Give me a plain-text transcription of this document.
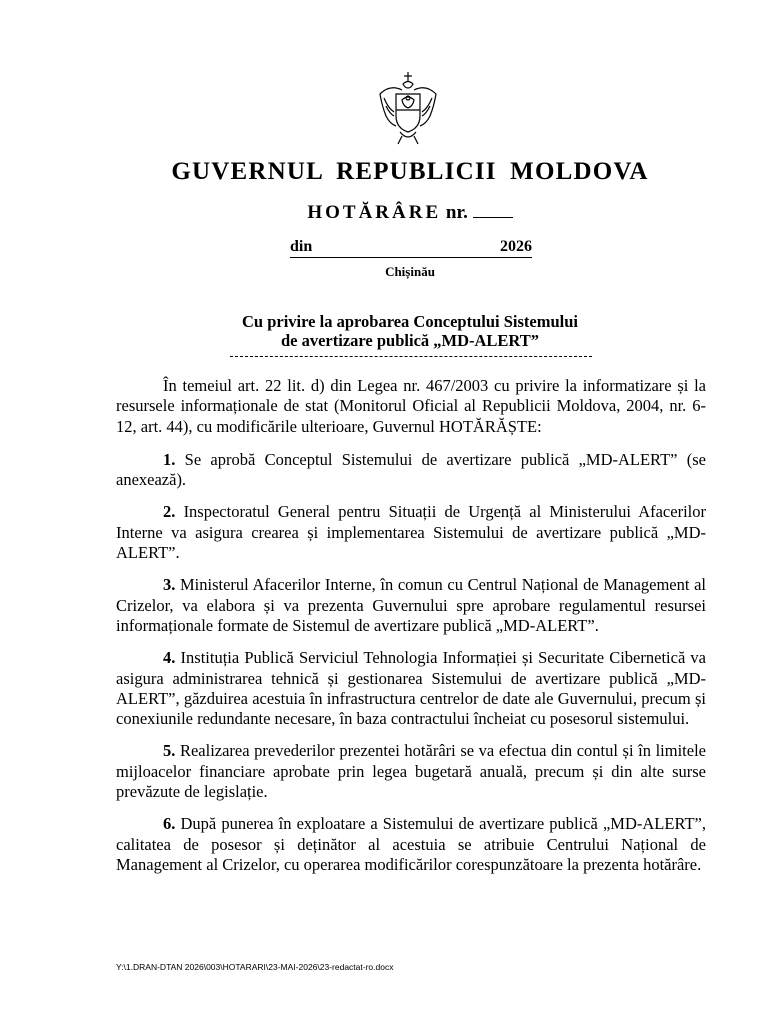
GUVERNUL REPUBLICII MOLDOVA
HOTĂRÂRE nr.
din	2026
Chișinău
Cu privire la aprobarea Conceptului Sistemului
de avertizare publică „MD-ALERT”

În temeiul art. 22 lit. d) din Legea nr. 467/2003 cu privire la informatizare și la resursele informaționale de stat (Monitorul Oficial al Republicii Moldova, 2004, nr. 6-12, art. 44), cu modificările ulterioare, Guvernul HOTĂRĂȘTE:

1. Se aprobă Conceptul Sistemului de avertizare publică „MD-ALERT” (se anexează).

2. Inspectoratul General pentru Situații de Urgență al Ministerului Afacerilor Interne va asigura crearea și implementarea Sistemului de avertizare publică „MD-ALERT”.

3. Ministerul Afacerilor Interne, în comun cu Centrul Național de Management al Crizelor, va elabora și va prezenta Guvernului spre aprobare regulamentul resursei informaționale formate de Sistemul de avertizare publică „MD-ALERT”.

4. Instituția Publică Serviciul Tehnologia Informației și Securitate Cibernetică va asigura administrarea tehnică și gestionarea Sistemului de avertizare publică „MD-ALERT”, găzduirea acestuia în infrastructura centrelor de date ale Guvernului, precum și conexiunile redundante necesare, în baza contractului încheiat cu posesorul sistemului.

5. Realizarea prevederilor prezentei hotărâri se va efectua din contul și în limitele mijloacelor financiare aprobate prin legea bugetară anuală, precum și din alte surse prevăzute de legislație.

6. După punerea în exploatare a Sistemului de avertizare publică „MD-ALERT”, calitatea de posesor și deținător al acestuia se atribuie Centrului Național de Management al Crizelor, cu operarea modificărilor corespunzătoare la prezenta hotărâre.

Y:\1.DRAN-DTAN 2026\003\HOTARARI\23-MAI-2026\23-redactat-ro.docx
